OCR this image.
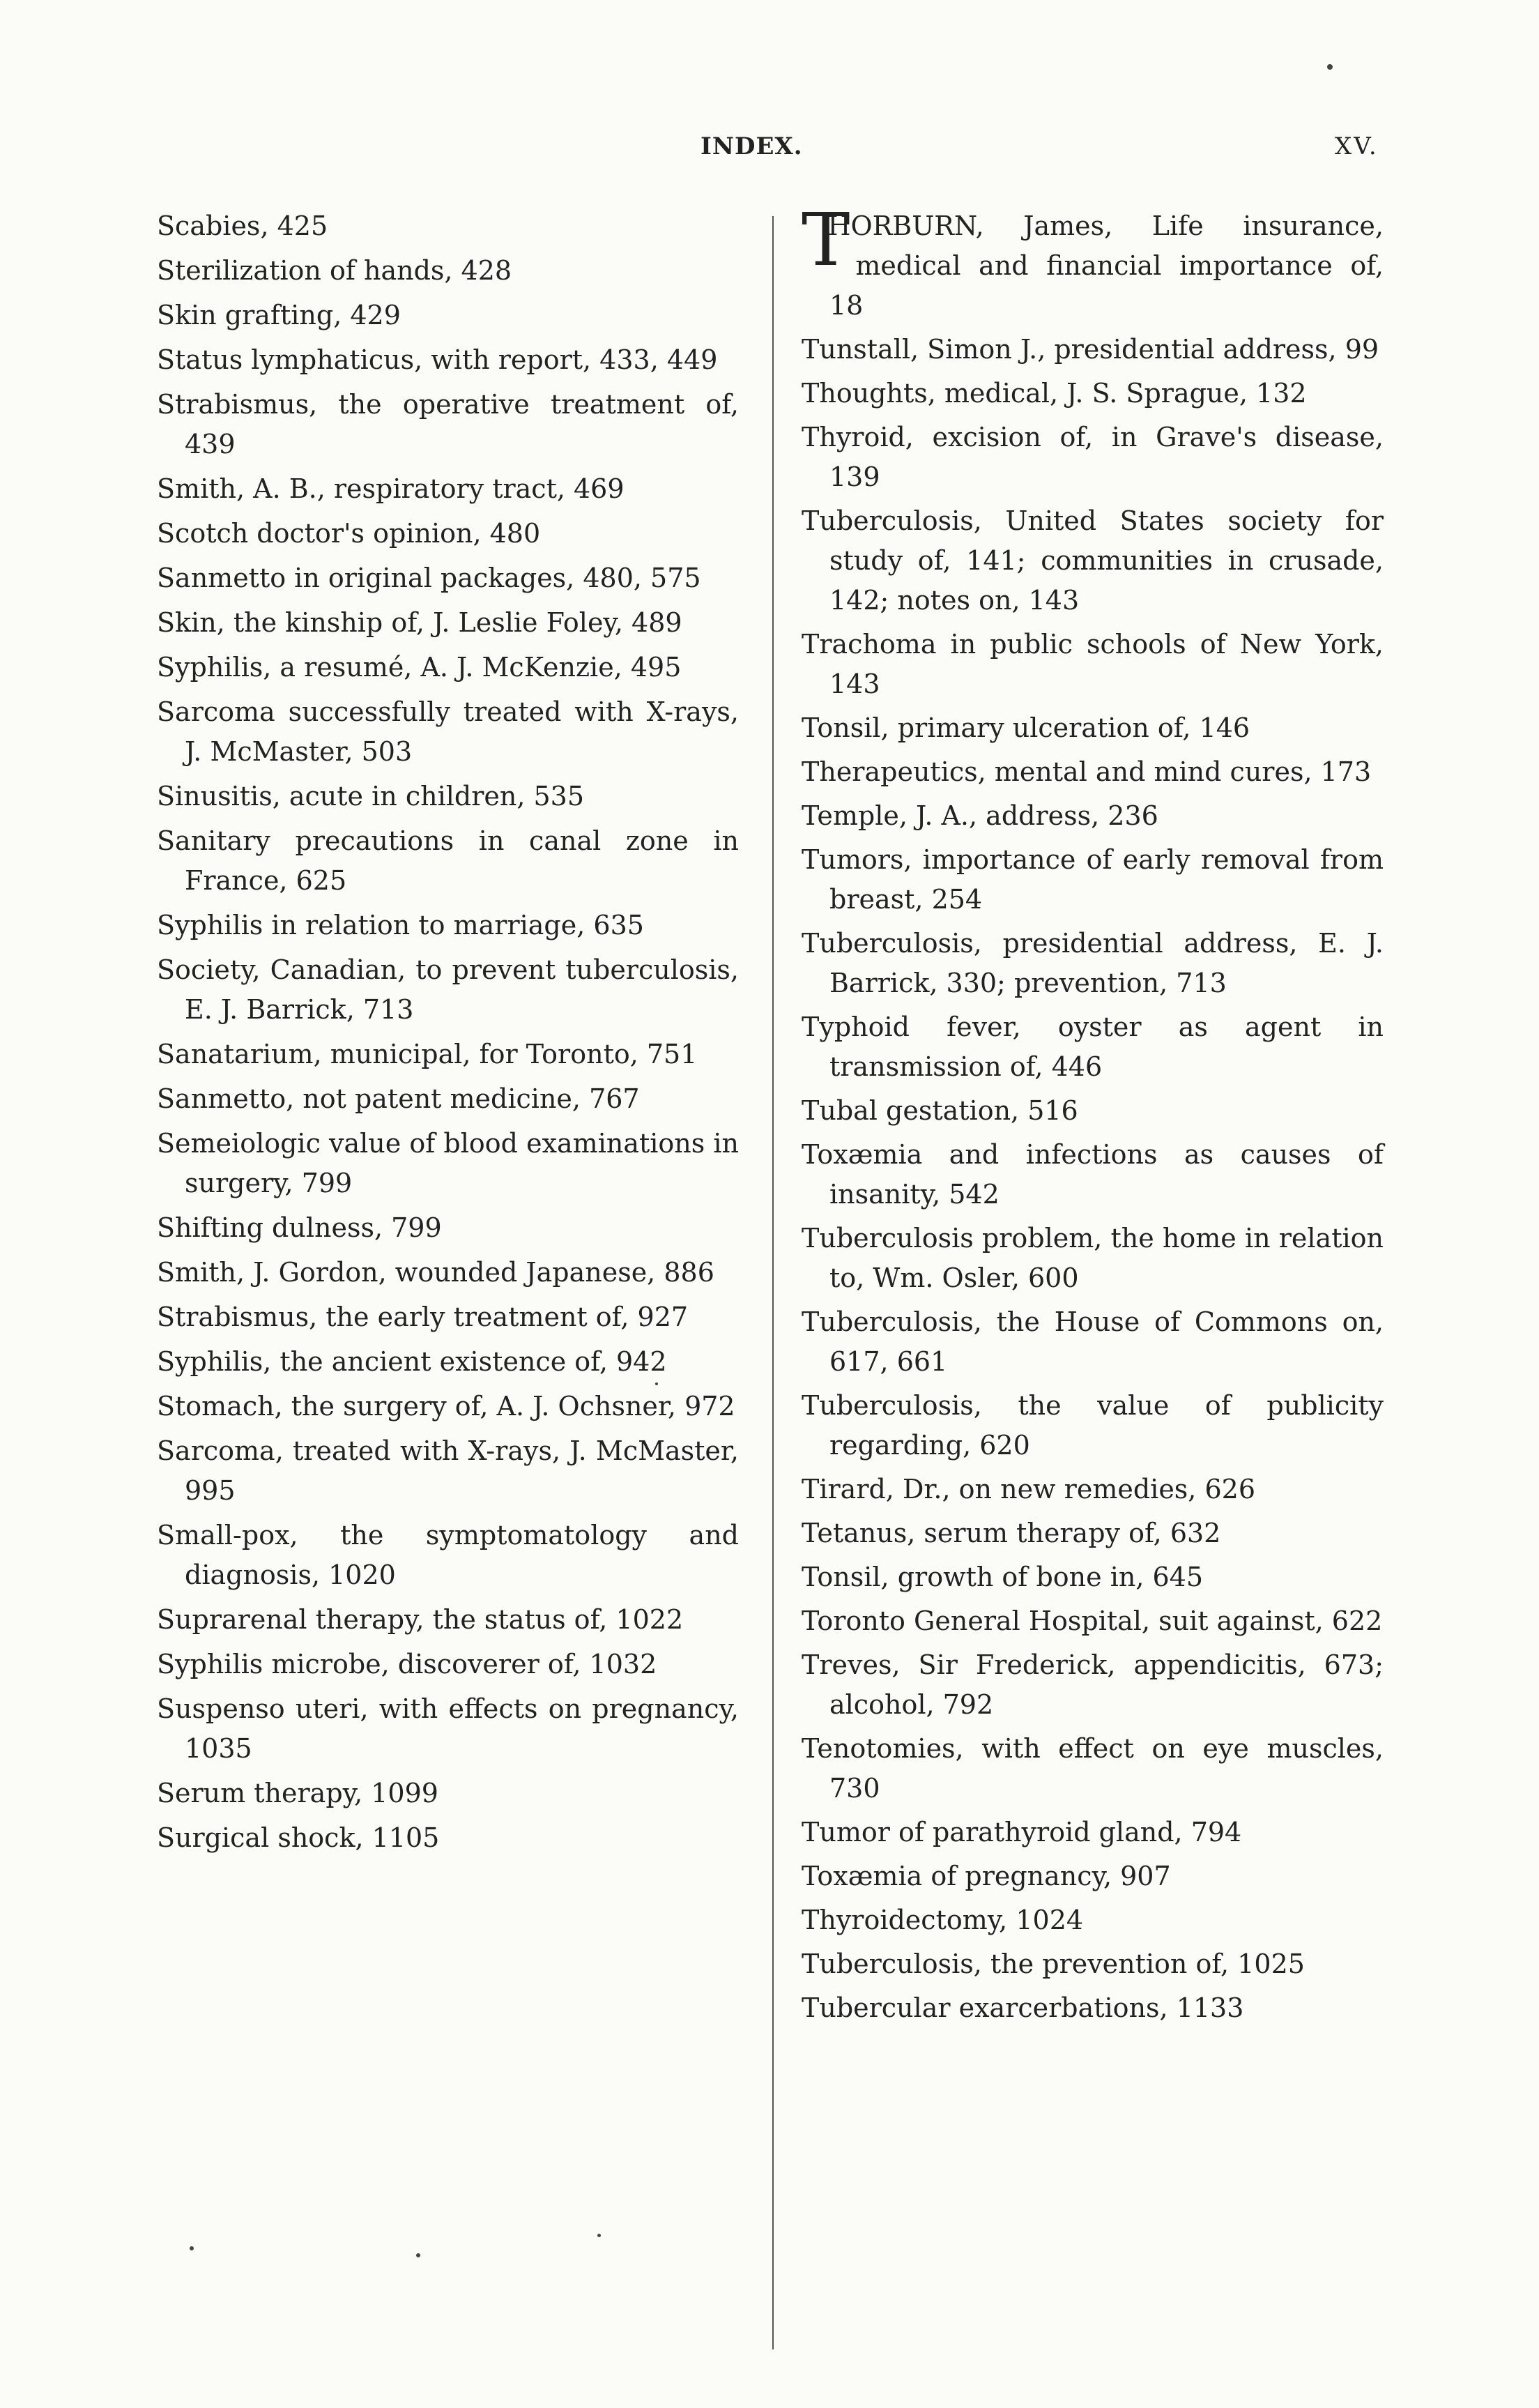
INDEX.	XV.
Scabies, 425
Sterilization of hands, 428
Skin grafting, 429
Status lymphaticus, with report, 433, 449
Strabismus, the operative treatment of, 439
Smith, A. B., respiratory tract, 469
Scotch doctor's opinion, 480
Sanmetto in original packages, 480, 575
Skin, the kinship of, J. Leslie Foley, 489
Syphilis, a resumé, A. J. McKenzie, 495
Sarcoma successfully treated with X-rays, J. McMaster, 503
Sinusitis, acute in children, 535
Sanitary precautions in canal zone in France, 625
Syphilis in relation to marriage, 635
Society, Canadian, to prevent tuberculosis, E. J. Barrick, 713
Sanatarium, municipal, for Toronto, 751
Sanmetto, not patent medicine, 767
Semeiologic value of blood examinations in surgery, 799
Shifting dulness, 799
Smith, J. Gordon, wounded Japanese, 886
Strabismus, the early treatment of, 927
Syphilis, the ancient existence of, 942
Stomach, the surgery of, A. J. Ochsner, 972
Sarcoma, treated with X-rays, J. McMaster, 995
Small-pox, the symptomatology and diagnosis, 1020
Suprarenal therapy, the status of, 1022
Syphilis microbe, discoverer of, 1032
Suspenso uteri, with effects on pregnancy, 1035
Serum therapy, 1099
Surgical shock, 1105
T
HORBURN, James, Life insurance, medical and financial importance of, 18
Tunstall, Simon J., presidential address, 99
Thoughts, medical, J. S. Sprague, 132
Thyroid, excision of, in Grave's disease, 139
Tuberculosis, United States society for study of, 141; communities in crusade, 142; notes on, 143
Trachoma in public schools of New York, 143
Tonsil, primary ulceration of, 146
Therapeutics, mental and mind cures, 173
Temple, J. A., address, 236
Tumors, importance of early removal from breast, 254
Tuberculosis, presidential address, E. J. Barrick, 330; prevention, 713
Typhoid fever, oyster as agent in transmission of, 446
Tubal gestation, 516
Toxæmia and infections as causes of insanity, 542
Tuberculosis problem, the home in relation to, Wm. Osler, 600
Tuberculosis, the House of Commons on, 617, 661
Tuberculosis, the value of publicity regarding, 620
Tirard, Dr., on new remedies, 626
Tetanus, serum therapy of, 632
Tonsil, growth of bone in, 645
Toronto General Hospital, suit against, 622
Treves, Sir Frederick, appendicitis, 673; alcohol, 792
Tenotomies, with effect on eye muscles, 730
Tumor of parathyroid gland, 794
Toxæmia of pregnancy, 907
Thyroidectomy, 1024
Tuberculosis, the prevention of, 1025
Tubercular exarcerbations, 1133
